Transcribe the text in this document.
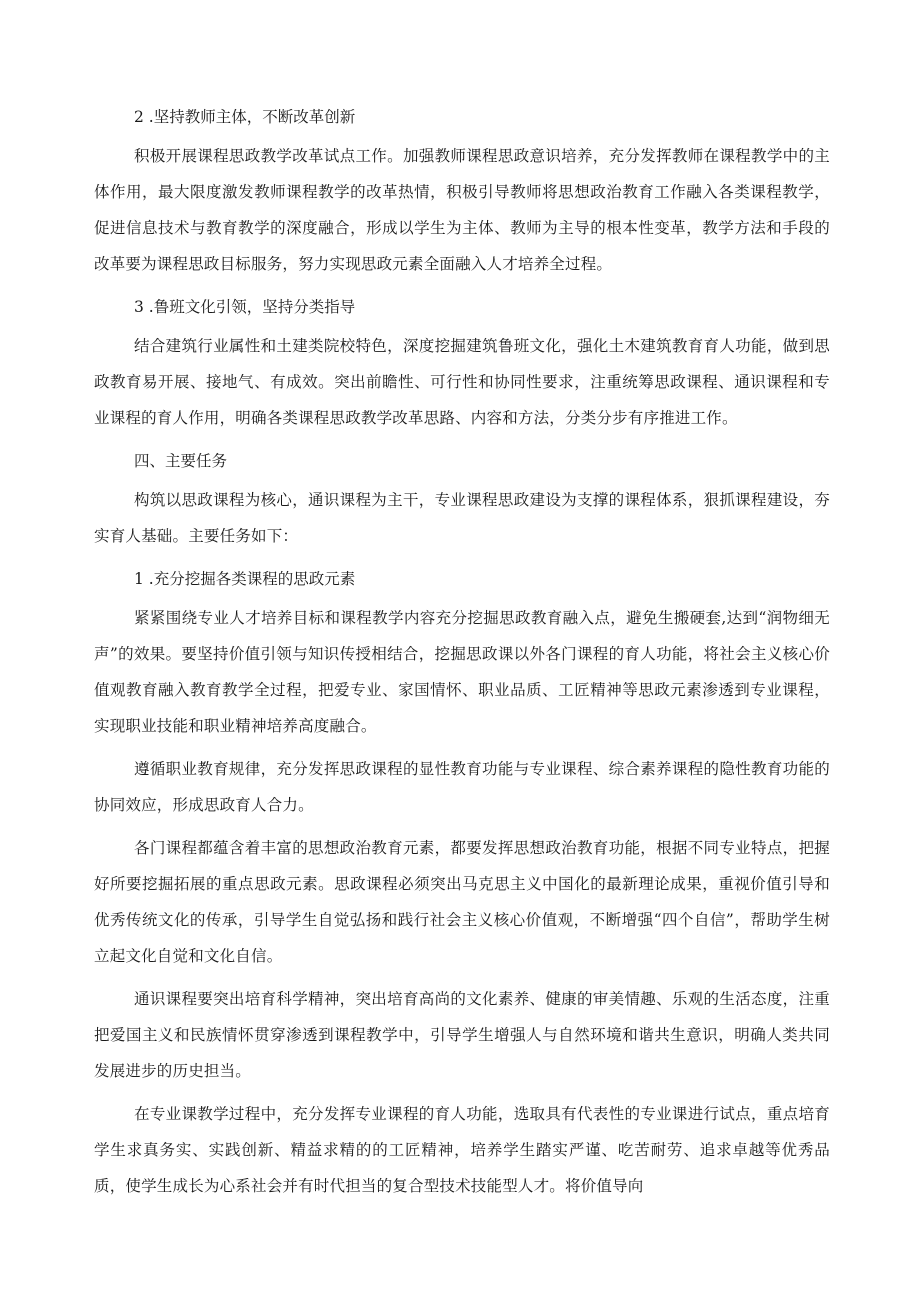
2 .坚持教师主体，不断改革创新

积极开展课程思政教学改革试点工作。加强教师课程思政意识培养，充分发挥教师在课程教学中的主体作用，最大限度激发教师课程教学的改革热情，积极引导教师将思想政治教育工作融入各类课程教学，促进信息技术与教育教学的深度融合，形成以学生为主体、教师为主导的根本性变革，教学方法和手段的改革要为课程思政目标服务，努力实现思政元素全面融入人才培养全过程。

3 .鲁班文化引领，坚持分类指导

结合建筑行业属性和土建类院校特色，深度挖掘建筑鲁班文化，强化土木建筑教育育人功能，做到思政教育易开展、接地气、有成效。突出前瞻性、可行性和协同性要求，注重统筹思政课程、通识课程和专业课程的育人作用，明确各类课程思政教学改革思路、内容和方法，分类分步有序推进工作。

四、主要任务

构筑以思政课程为核心，通识课程为主干，专业课程思政建设为支撑的课程体系，狠抓课程建设，夯实育人基础。主要任务如下：

1 .充分挖掘各类课程的思政元素

紧紧围绕专业人才培养目标和课程教学内容充分挖掘思政教育融入点，避免生搬硬套,达到“润物细无声”的效果。要坚持价值引领与知识传授相结合，挖掘思政课以外各门课程的育人功能，将社会主义核心价值观教育融入教育教学全过程，把爱专业、家国情怀、职业品质、工匠精神等思政元素渗透到专业课程，实现职业技能和职业精神培养高度融合。

遵循职业教育规律，充分发挥思政课程的显性教育功能与专业课程、综合素养课程的隐性教育功能的协同效应，形成思政育人合力。

各门课程都蕴含着丰富的思想政治教育元素，都要发挥思想政治教育功能，根据不同专业特点，把握好所要挖掘拓展的重点思政元素。思政课程必须突出马克思主义中国化的最新理论成果，重视价值引导和优秀传统文化的传承，引导学生自觉弘扬和践行社会主义核心价值观，不断增强“四个自信”，帮助学生树立起文化自觉和文化自信。

通识课程要突出培育科学精神，突出培育高尚的文化素养、健康的审美情趣、乐观的生活态度，注重把爱国主义和民族情怀贯穿渗透到课程教学中，引导学生增强人与自然环境和谐共生意识，明确人类共同发展进步的历史担当。

在专业课教学过程中，充分发挥专业课程的育人功能，选取具有代表性的专业课进行试点，重点培育学生求真务实、实践创新、精益求精的的工匠精神，培养学生踏实严谨、吃苦耐劳、追求卓越等优秀品质，使学生成长为心系社会并有时代担当的复合型技术技能型人才。将价值导向
